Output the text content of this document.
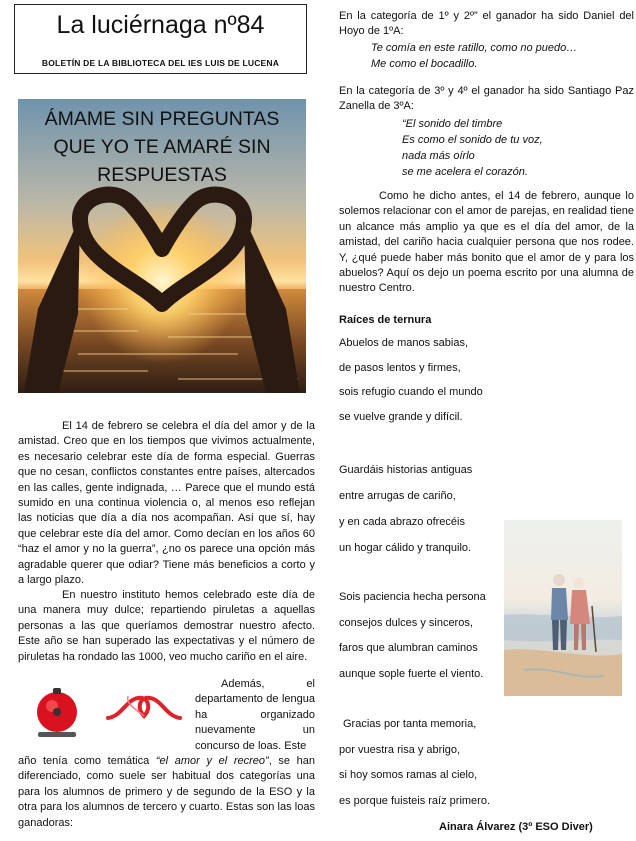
La luciérnaga nº84
BOLETÍN DE LA BIBLIOTECA DEL IES LUIS DE LUCENA
ÁMAME SIN PREGUNTAS
QUE YO TE AMARÉ SIN
RESPUESTAS

El 14 de febrero se celebra el día del amor y de la amistad. Creo que en los tiempos que vivimos actualmente, es necesario celebrar este día de forma especial. Guerras que no cesan, conflictos constantes entre países, altercados en las calles, gente indignada, … Parece que el mundo está sumido en una continua violencia o, al menos eso reflejan las noticias que día a día nos acompañan. Así que sí, hay que celebrar este día del amor. Como decían en los años 60 “haz el amor y no la guerra”, ¿no os parece una opción más agradable querer que odiar? Tiene más beneficios a corto y a largo plazo.

En nuestro instituto hemos celebrado este día de una manera muy dulce; repartiendo piruletas a aquellas personas a las que queríamos demostrar nuestro afecto. Este año se han superado las expectativas y el número de piruletas ha rondado las 1000, veo mucho cariño en el aire.

Además, el departamento de lengua ha organizado nuevamente un concurso de loas. Este

año tenía como temática “el amor y el recreo”, se han diferenciado, como suele ser habitual dos categorías una para los alumnos de primero y de segundo de la ESO y la otra para los alumnos de tercero y cuarto. Estas son las loas ganadoras:

En la categoría de 1º y 2º” el ganador ha sido Daniel del Hoyo de 1ºA:

Te comía en este ratillo, como no puedo…
Me como el bocadillo.

En la categoría de 3º y 4º el ganador ha sido Santiago Paz Zanella de 3ºA:

“El sonido del timbre
Es como el sonido de tu voz,
nada más oírlo
se me acelera el corazón.

Como he dicho antes, el 14 de febrero, aunque lo solemos relacionar con el amor de parejas, en realidad tiene un alcance más amplio ya que es el día del amor, de la amistad, del cariño hacia cualquier persona que nos rodee. Y, ¿qué puede haber más bonito que el amor de y para los abuelos? Aquí os dejo un poema escrito por una alumna de nuestro Centro.

Raíces de ternura
Abuelos de manos sabias,
de pasos lentos y firmes,
sois refugio cuando el mundo
se vuelve grande y difícil.
Guardáis historias antiguas
entre arrugas de cariño,
y en cada abrazo ofrecéis
un hogar cálido y tranquilo.
Sois paciencia hecha persona
consejos dulces y sinceros,
faros que alumbran caminos
aunque sople fuerte el viento.
Gracias por tanta memoria,
por vuestra risa y abrigo,
si hoy somos ramas al cielo,
es porque fuisteis raíz primero.
Ainara Álvarez (3º ESO Diver)
